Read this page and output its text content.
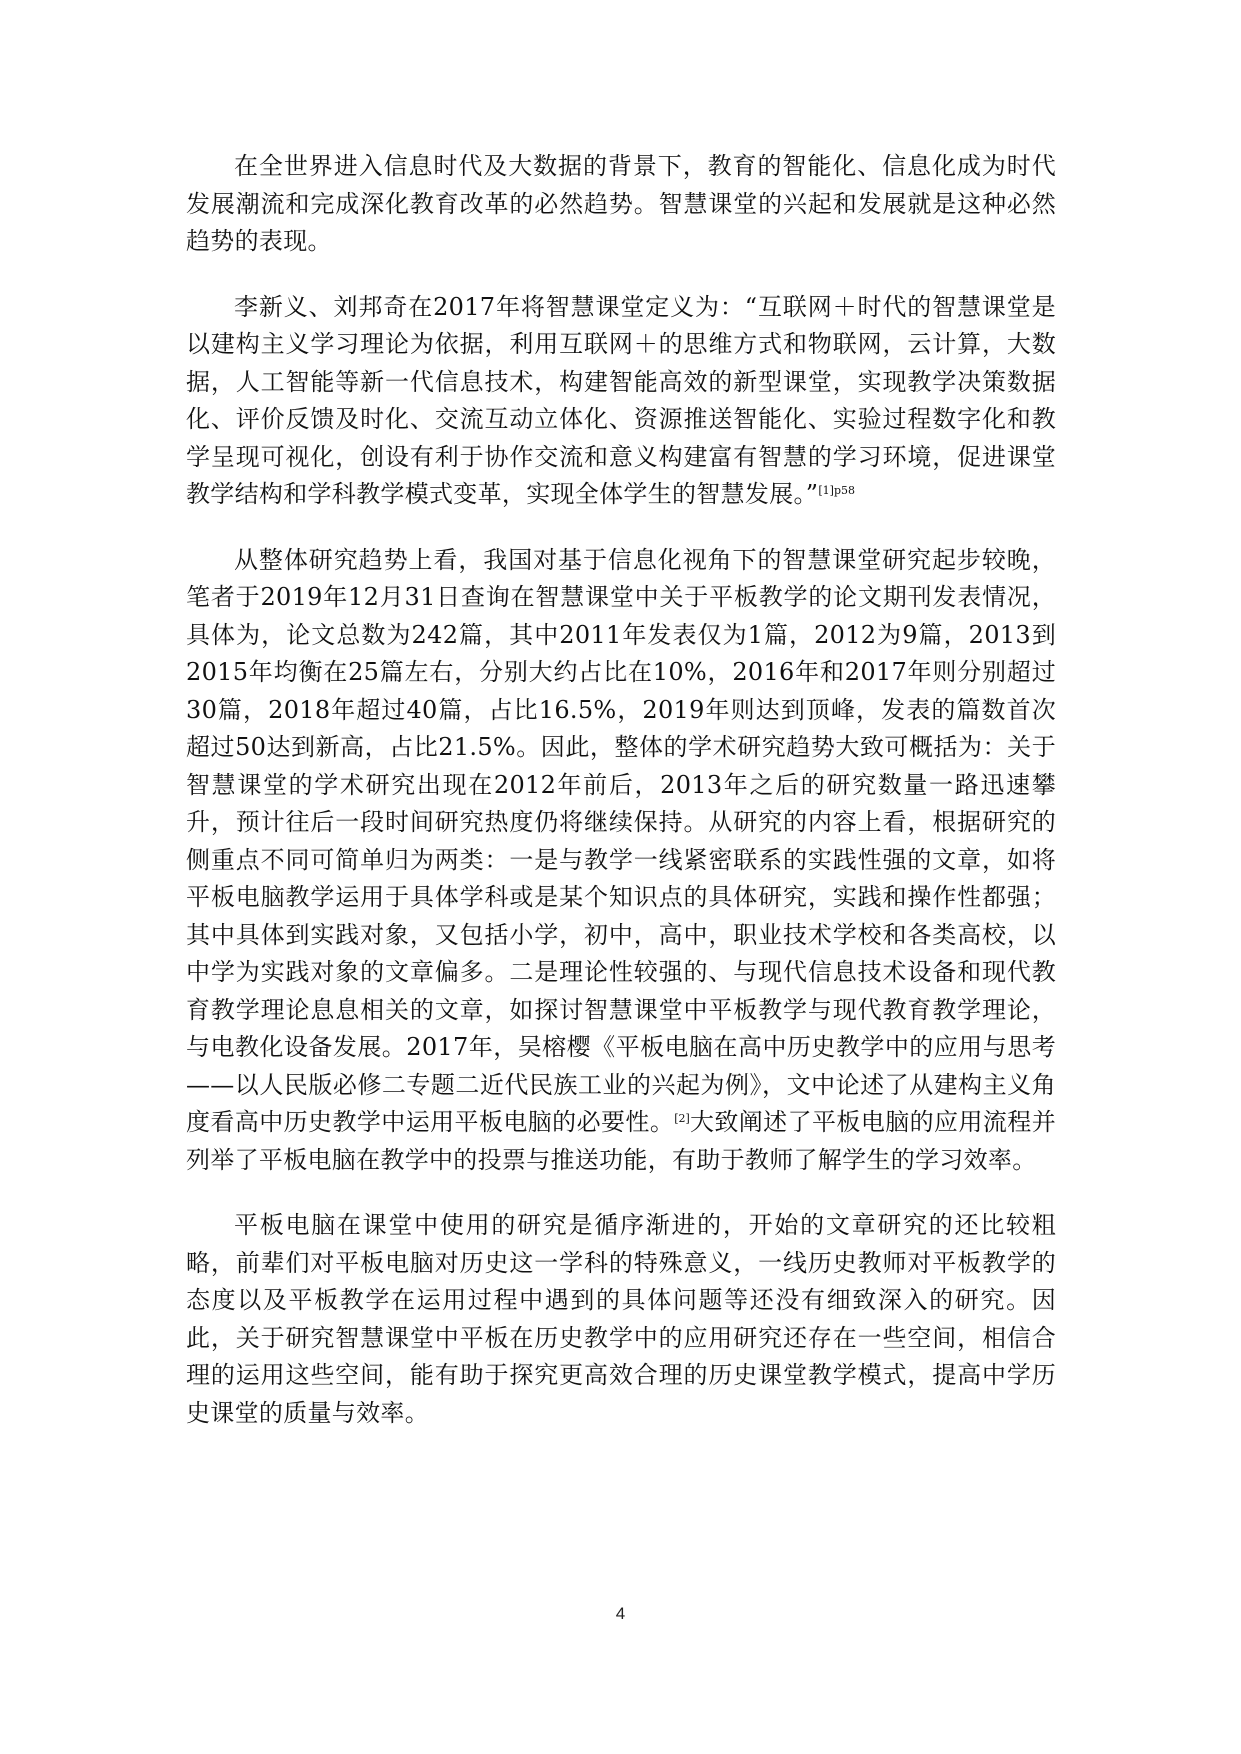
在全世界进入信息时代及大数据的背景下，教育的智能化、信息化成为时代发展潮流和完成深化教育改革的必然趋势。智慧课堂的兴起和发展就是这种必然趋势的表现。

李新义、刘邦奇在2017年将智慧课堂定义为：“互联网＋时代的智慧课堂是以建构主义学习理论为依据，利用互联网＋的思维方式和物联网，云计算，大数据，人工智能等新一代信息技术，构建智能高效的新型课堂，实现教学决策数据化、评价反馈及时化、交流互动立体化、资源推送智能化、实验过程数字化和教学呈现可视化，创设有利于协作交流和意义构建富有智慧的学习环境，促进课堂教学结构和学科教学模式变革，实现全体学生的智慧发展。”$^{[1]p58}$

从整体研究趋势上看，我国对基于信息化视角下的智慧课堂研究起步较晚，笔者于2019年12月31日查询在智慧课堂中关于平板教学的论文期刊发表情况，具体为，论文总数为242篇，其中2011年发表仅为1篇，2012为9篇，2013到2015年均衡在25篇左右，分别大约占比在10%，2016年和2017年则分别超过30篇，2018年超过40篇，占比16.5%，2019年则达到顶峰，发表的篇数首次超过50达到新高，占比21.5%。因此，整体的学术研究趋势大致可概括为：关于智慧课堂的学术研究出现在2012年前后，2013年之后的研究数量一路迅速攀升，预计往后一段时间研究热度仍将继续保持。从研究的内容上看，根据研究的侧重点不同可简单归为两类：一是与教学一线紧密联系的实践性强的文章，如将平板电脑教学运用于具体学科或是某个知识点的具体研究，实践和操作性都强；其中具体到实践对象，又包括小学，初中，高中，职业技术学校和各类高校，以中学为实践对象的文章偏多。二是理论性较强的、与现代信息技术设备和现代教育教学理论息息相关的文章，如探讨智慧课堂中平板教学与现代教育教学理论，与电教化设备发展。2017年，吴榕樱《平板电脑在高中历史教学中的应用与思考——以人民版必修二专题二近代民族工业的兴起为例》，文中论述了从建构主义角度看高中历史教学中运用平板电脑的必要性。[2]大致阐述了平板电脑的应用流程并列举了平板电脑在教学中的投票与推送功能，有助于教师了解学生的学习效率。

平板电脑在课堂中使用的研究是循序渐进的，开始的文章研究的还比较粗略，前辈们对平板电脑对历史这一学科的特殊意义，一线历史教师对平板教学的态度以及平板教学在运用过程中遇到的具体问题等还没有细致深入的研究。因此，关于研究智慧课堂中平板在历史教学中的应用研究还存在一些空间，相信合理的运用这些空间，能有助于探究更高效合理的历史课堂教学模式，提高中学历史课堂的质量与效率。

4
